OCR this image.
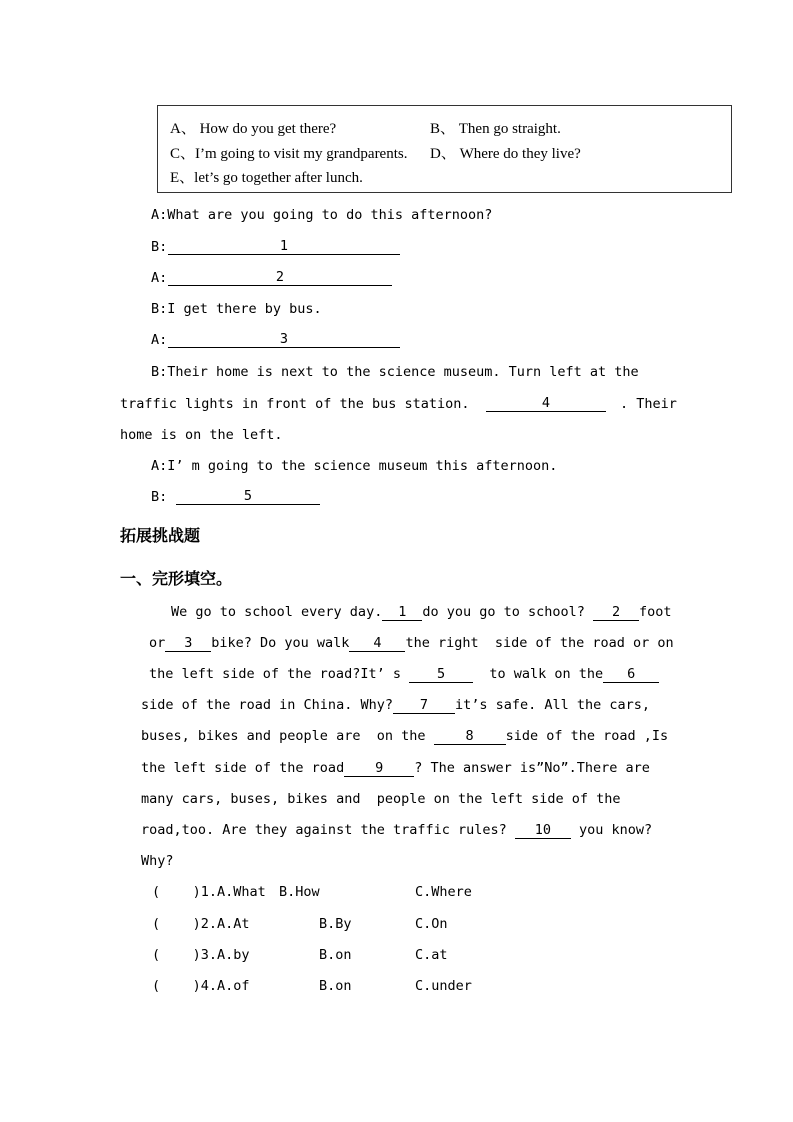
A、 How do you get there?	B、 Then go straight.
C、I’m going to visit my grandparents. D、 Where do they live?
E、let’s go together after lunch.
A:What are you going to do this afternoon?
B:	1
A:	2
B:I get there by bus.
A:	3
B:Their home is next to the science museum. Turn left at the
traffic lights in front of the bus station.	4	. Their
home is on the left.
A:I’ m going to the science museum this afternoon.
B:	5
拓展挑战题
一、完形填空。
We go to school every day. 1 do you go to school? 2 foot
or 3 bike? Do you walk 4 the right  side of the road or on
the left side of the road?It’ s	5	to walk on the 6
side of the road in China. Why? 7 it’s safe. All the cars,
buses, bikes and people are  on the	8 side of the road ,Is
the left side of the road 9 ? The answer is”No”.There are
many cars, buses, bikes and  people on the left side of the
road,too. Are they against the traffic rules? 10 you know?
Why?
(    )1.A.What B.How	C.Where
(    )2.A.At	B.By	C.On
(    )3.A.by	B.on	C.at
(    )4.A.of	B.on	C.under
